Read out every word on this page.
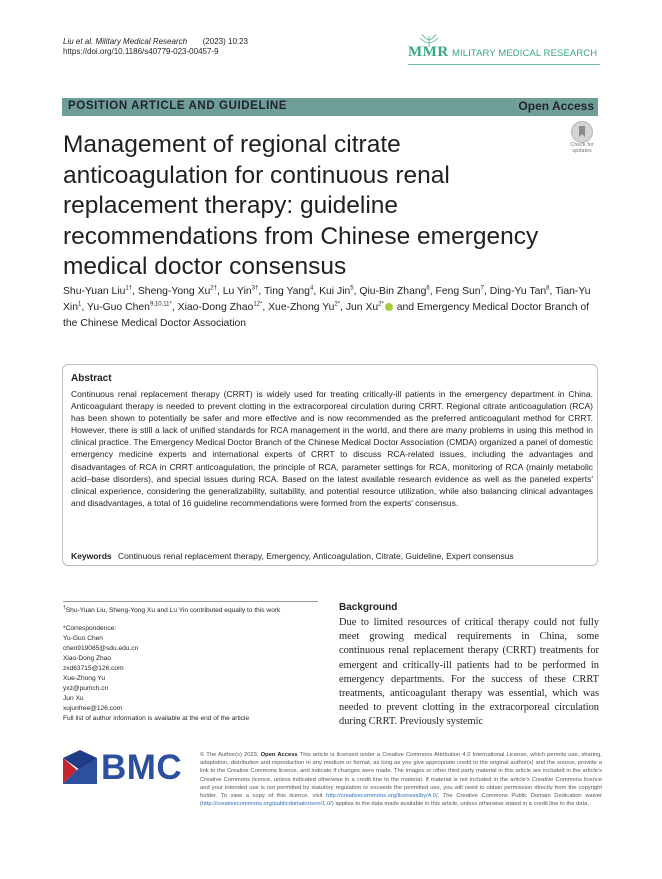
Liu et al. Military Medical Research (2023) 10:23
https://doi.org/10.1186/s40779-023-00457-9	MMR MILITARY MEDICAL RESEARCH
POSITION ARTICLE AND GUIDELINE	Open Access
Management of regional citrate anticoagulation for continuous renal replacement therapy: guideline recommendations from Chinese emergency medical doctor consensus
Check for updates
Shu-Yuan Liu$^{1\dagger}$, Sheng-Yong $Xu^{2\dagger}$, Lu Yin$^{3\dagger}$, Ting Yang$^4$, Kui Jin$^5$, Qiu-Bin Zhang$^6$, Feng Sun$^7$, Ding-Yu Tan$^8$, Tian-Yu Xin$^1$, Yu-Guo Chen$^{9,10,11*}$, Xiao-Dong Zhao$^{12*}$, Xue-Zhong $Yu^{2*}$, Jun $Xu^{2*}$ and Emergency Medical Doctor Branch of the Chinese Medical Doctor Association
Abstract
Continuous renal replacement therapy (CRRT) is widely used for treating critically-ill patients in the emergency department in China. Anticoagulant therapy is needed to prevent clotting in the extracorporeal circulation during CRRT. Regional citrate anticoagulation (RCA) has been shown to potentially be safer and more effective and is now recommended as the preferred anticoagulant method for CRRT. However, there is still a lack of unified standards for RCA management in the world, and there are many problems in using this method in clinical practice. The Emergency Medical Doctor Branch of the Chinese Medical Doctor Association (CMDA) organized a panel of domestic emergency medicine experts and international experts of CRRT to discuss RCA-related issues, including the advantages and disadvantages of RCA in CRRT anticoagulation, the principle of RCA, parameter settings for RCA, monitoring of RCA (mainly metabolic acid–base disorders), and special issues during RCA. Based on the latest available research evidence as well as the paneled experts' clinical experience, considering the generalizability, suitability, and potential resource utilization, while also balancing clinical advantages and disadvantages, a total of 16 guideline recommendations were formed from the experts' consensus.
Keywords Continuous renal replacement therapy, Emergency, Anticoagulation, Citrate, Guideline, Expert consensus
†Shu-Yuan Liu, Sheng-Yong Xu and Lu Yin contributed equally to this work
*Correspondence:
Yu-Guo Chen
chen919085@sdu.edu.cn
Xiao-Dong Zhao
zxd63715@126.com
Xue-Zhong Yu
yxz@pumch.cn
Jun Xu
xujunfree@126.com
Full list of author information is available at the end of the article
Background
Due to limited resources of critical therapy could not fully meet growing medical requirements in China, some continuous renal replacement therapy (CRRT) treatments for emergent and critically-ill patients had to be performed in emergency departments. For the success of these CRRT treatments, anticoagulant therapy was essential, which was needed to prevent clotting in the extracorporeal circulation during CRRT. Previously systemic
BMC	© The Author(s) 2023. Open Access This article is licensed under a Creative Commons Attribution 4.0 International License, which permits use, sharing, adaptation, distribution and reproduction in any medium or format, as long as you give appropriate credit to the original author(s) and the source, provide a link to the Creative Commons licence, and indicate if changes were made. The images or other third party material in this article are included in the article's Creative Commons licence, unless indicated otherwise in a credit line to the material. If material is not included in the article's Creative Commons licence and your intended use is not permitted by statutory regulation or exceeds the permitted use, you will need to obtain permission directly from the copyright holder. To view a copy of this licence, visit http://creativecommons.org/licenses/by/4.0/. The Creative Commons Public Domain Dedication waiver (http://creativecommons.org/publicdomain/zero/1.0/) applies to the data made available in this article, unless otherwise stated in a credit line to the data.
